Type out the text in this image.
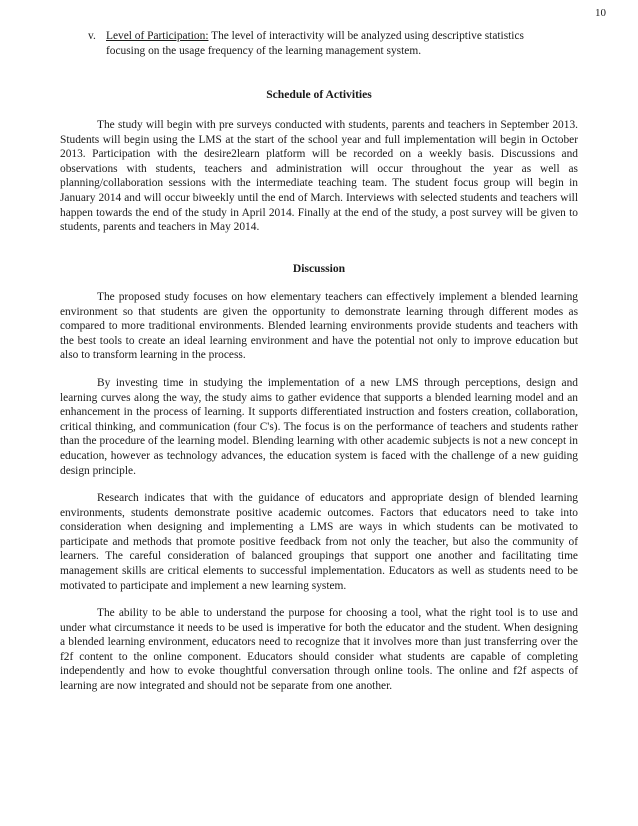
10
v. Level of Participation: The level of interactivity will be analyzed using descriptive statistics
focusing on the usage frequency of the learning management system.
Schedule of Activities

The study will begin with pre surveys conducted with students, parents and teachers in September 2013. Students will begin using the LMS at the start of the school year and full implementation will begin in October 2013. Participation with the desire2learn platform will be recorded on a weekly basis. Discussions and observations with students, teachers and administration will occur throughout the year as well as planning/collaboration sessions with the intermediate teaching team. The student focus group will begin in January 2014 and will occur biweekly until the end of March. Interviews with selected students and teachers will happen towards the end of the study in April 2014. Finally at the end of the study, a post survey will be given to students, parents and teachers in May 2014.

Discussion

The proposed study focuses on how elementary teachers can effectively implement a blended learning environment so that students are given the opportunity to demonstrate learning through different modes as compared to more traditional environments. Blended learning environments provide students and teachers with the best tools to create an ideal learning environment and have the potential not only to improve education but also to transform learning in the process.

By investing time in studying the implementation of a new LMS through perceptions, design and learning curves along the way, the study aims to gather evidence that supports a blended learning model and an enhancement in the process of learning. It supports differentiated instruction and fosters creation, collaboration, critical thinking, and communication (four C's). The focus is on the performance of teachers and students rather than the procedure of the learning model. Blending learning with other academic subjects is not a new concept in education, however as technology advances, the education system is faced with the challenge of a new guiding design principle.

Research indicates that with the guidance of educators and appropriate design of blended learning environments, students demonstrate positive academic outcomes. Factors that educators need to take into consideration when designing and implementing a LMS are ways in which students can be motivated to participate and methods that promote positive feedback from not only the teacher, but also the community of learners. The careful consideration of balanced groupings that support one another and facilitating time management skills are critical elements to successful implementation. Educators as well as students need to be motivated to participate and implement a new learning system.

The ability to be able to understand the purpose for choosing a tool, what the right tool is to use and under what circumstance it needs to be used is imperative for both the educator and the student. When designing a blended learning environment, educators need to recognize that it involves more than just transferring over the f2f content to the online component. Educators should consider what students are capable of completing independently and how to evoke thoughtful conversation through online tools. The online and f2f aspects of learning are now integrated and should not be separate from one another.
